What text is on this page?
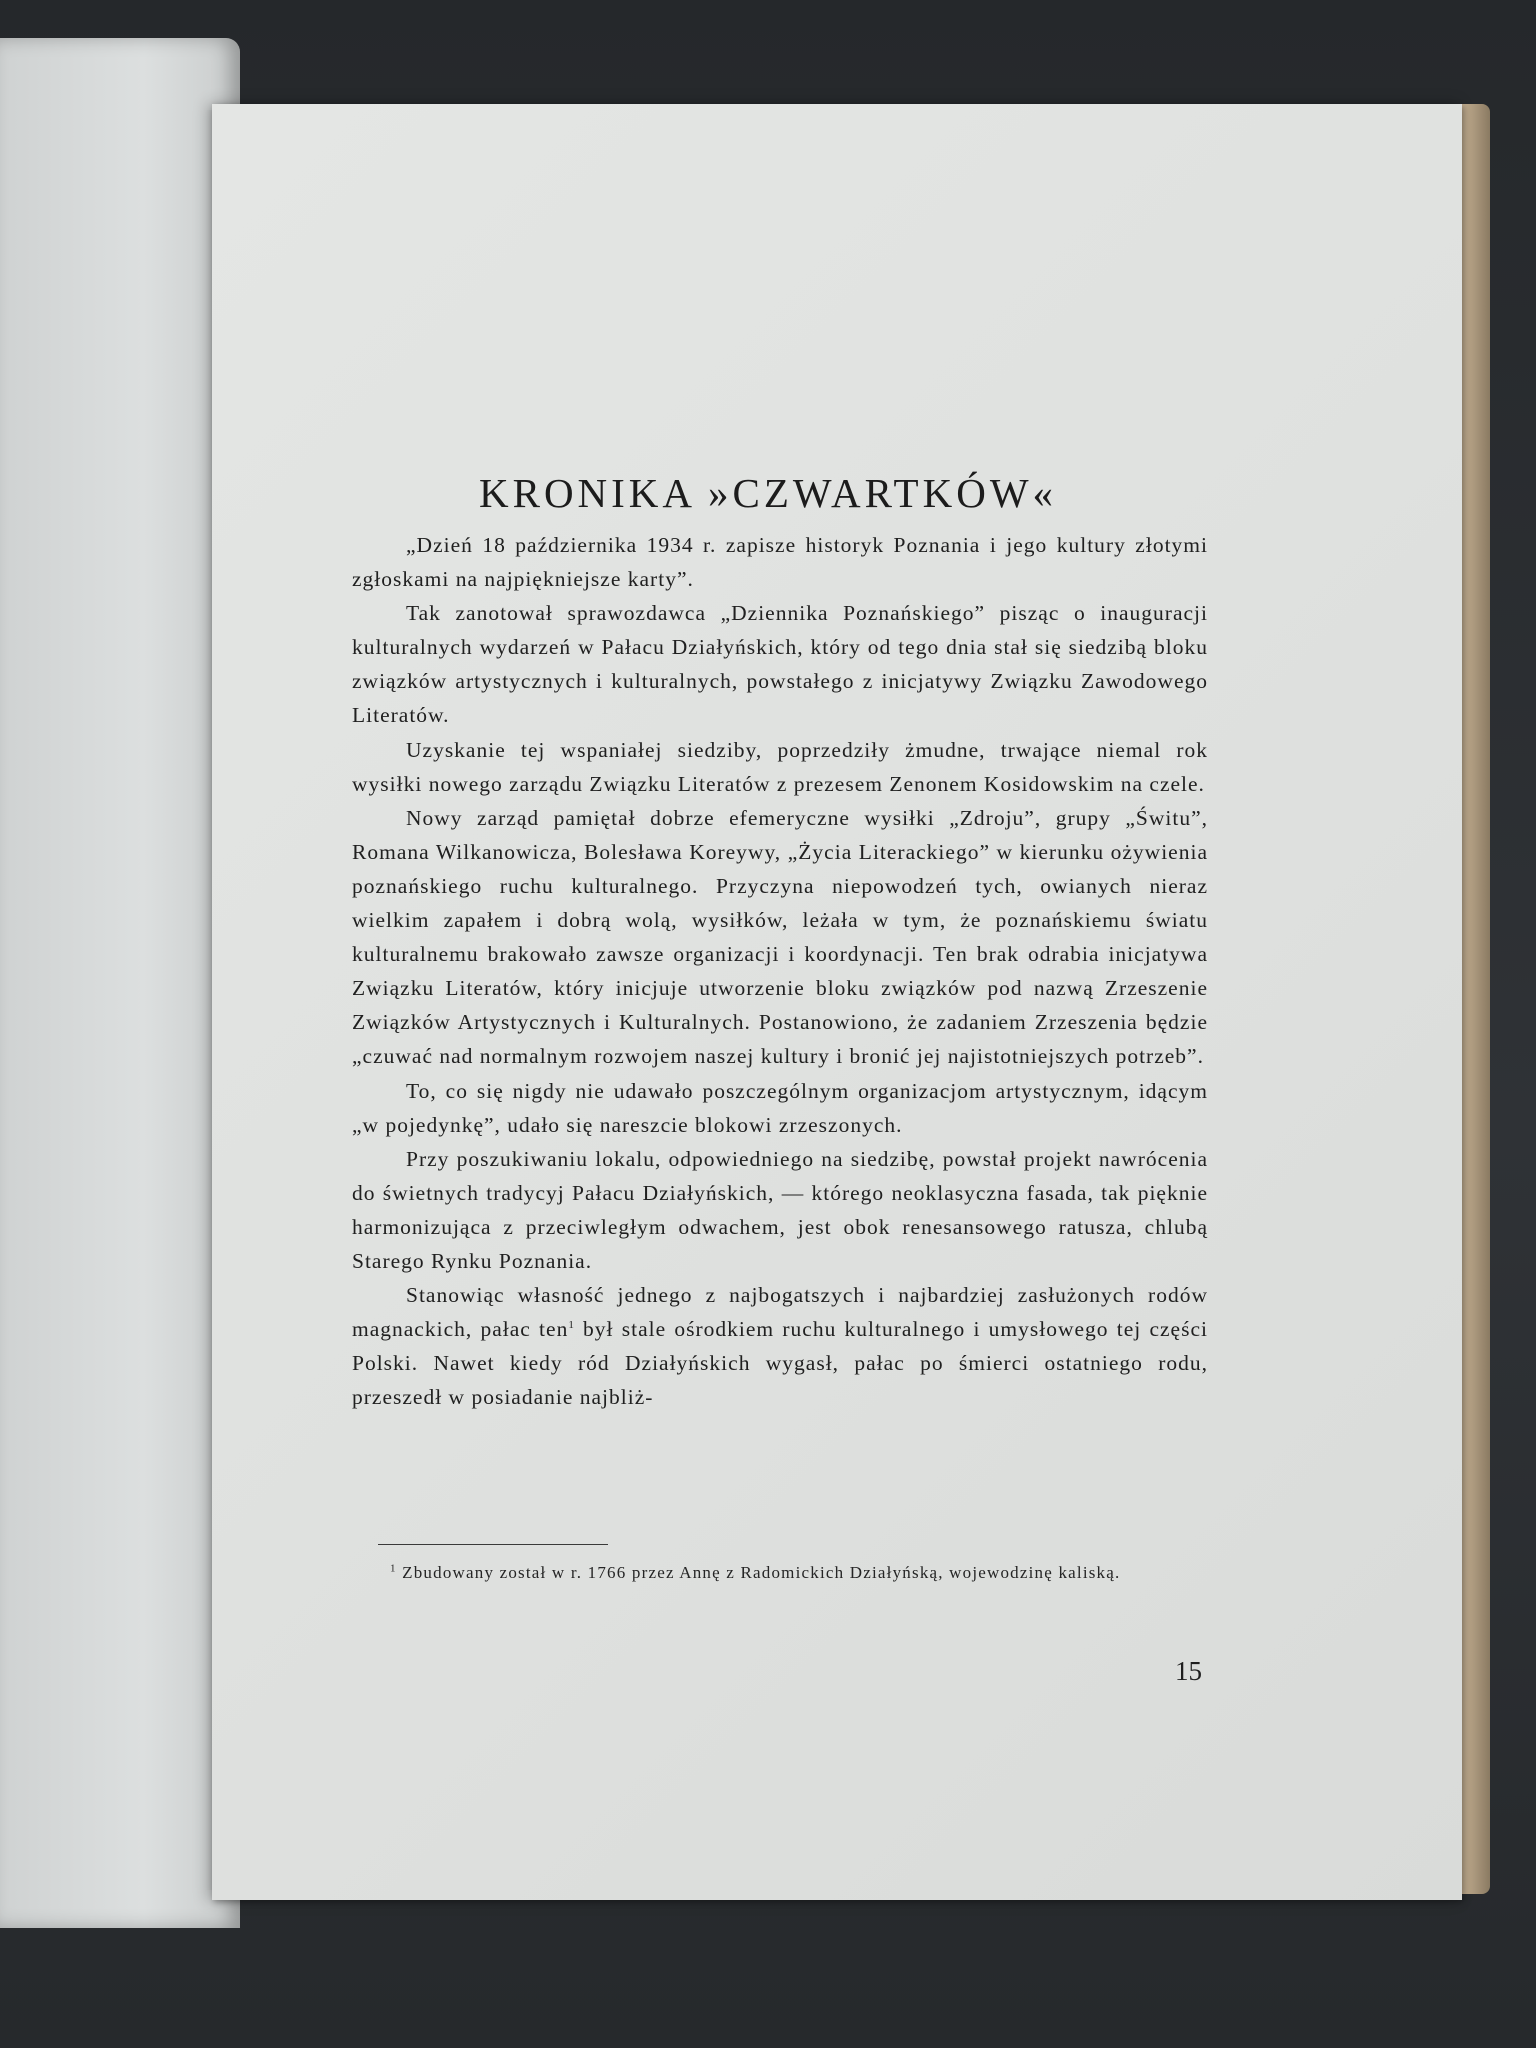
KRONIKA »CZWARTKÓW«

„Dzień 18 października 1934 r. zapisze historyk Poznania i jego kultury złotymi zgłoskami na najpiękniejsze karty”.

Tak zanotował sprawozdawca „Dziennika Poznańskiego” pisząc o inauguracji kulturalnych wydarzeń w Pałacu Działyńskich, który od tego dnia stał się siedzibą bloku związków artystycznych i kulturalnych, powstałego z inicjatywy Związku Zawodowego Literatów.

Uzyskanie tej wspaniałej siedziby, poprzedziły żmudne, trwające niemal rok wysiłki nowego zarządu Związku Literatów z prezesem Zenonem Kosidowskim na czele.

Nowy zarząd pamiętał dobrze efemeryczne wysiłki „Zdroju”, grupy „Świtu”, Romana Wilkanowicza, Bolesława Koreywy, „Życia Literackiego” w kierunku ożywienia poznańskiego ruchu kulturalnego. Przyczyna niepowodzeń tych, owianych nieraz wielkim zapałem i dobrą wolą, wysiłków, leżała w tym, że poznańskiemu światu kulturalnemu brakowało zawsze organizacji i koordynacji. Ten brak odrabia inicjatywa Związku Literatów, który inicjuje utworzenie bloku związków pod nazwą Zrzeszenie Związków Artystycznych i Kulturalnych. Postanowiono, że zadaniem Zrzeszenia będzie „czuwać nad normalnym rozwojem naszej kultury i bronić jej najistotniejszych potrzeb”.

To, co się nigdy nie udawało poszczególnym organizacjom artystycznym, idącym „w pojedynkę”, udało się nareszcie blokowi zrzeszonych.

Przy poszukiwaniu lokalu, odpowiedniego na siedzibę, powstał projekt nawrócenia do świetnych tradycyj Pałacu Działyńskich, — którego neoklasyczna fasada, tak pięknie harmonizująca z przeciwległym odwachem, jest obok renesansowego ratusza, chlubą Starego Rynku Poznania.

Stanowiąc własność jednego z najbogatszych i najbardziej zasłużonych rodów magnackich, pałac ten$^1$ był stale ośrodkiem ruchu kulturalnego i umysłowego tej części Polski. Nawet kiedy ród Działyńskich wygasł, pałac po śmierci ostatniego rodu, przeszedł w posiadanie najbliż-

$^1$ Zbudowany został w r. 1766 przez Annę z Radomickich Działyńską, wojewodzinę kaliską.

15
